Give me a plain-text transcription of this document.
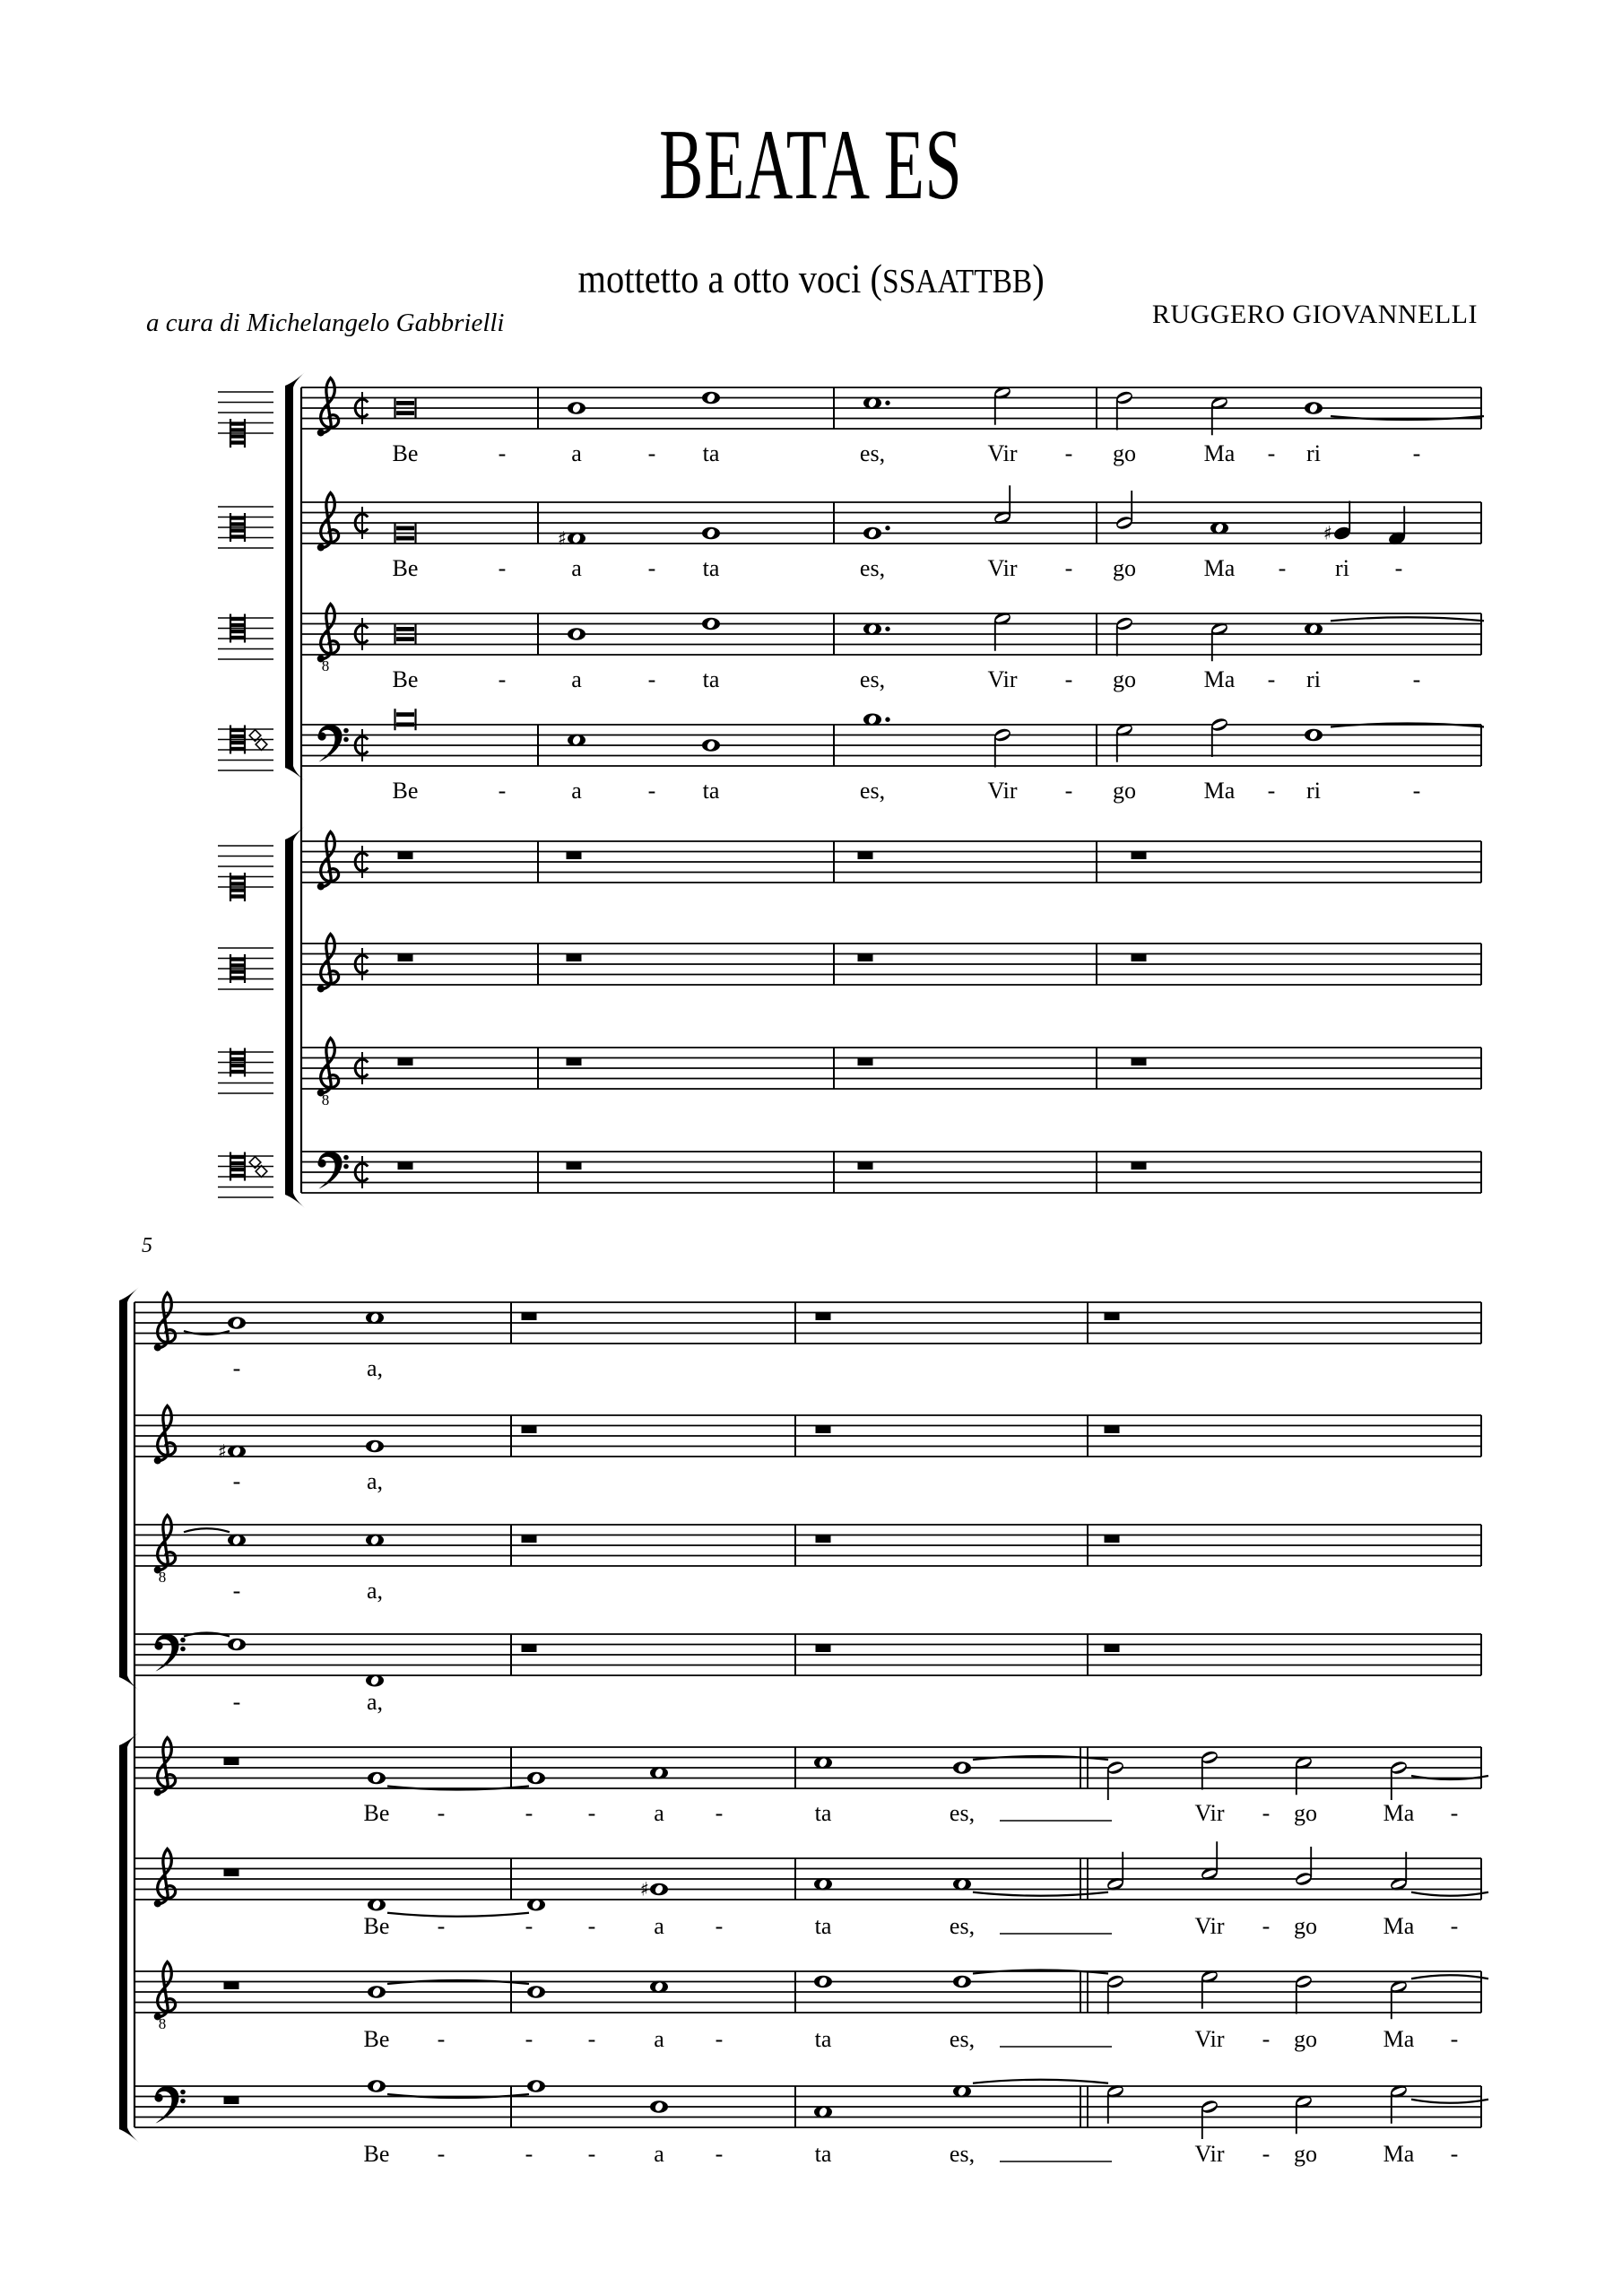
BEATA ES
mottetto a otto voci (SSAATTBB)
a cura di Michelangelo Gabbrielli	RUGGERO GIOVANNELLI
5
Be	-	a	- ta	es,	Vir - go	Ma - ri	-
♯	♯
Be	-	a	- ta	es,	Vir - go	Ma - ri -
8
Be	-	a	- ta	es,	Vir - go	Ma - ri	-
Be	-	a	- ta	es,	Vir - go	Ma - ri	-
8
-	a,
♯
-	a,
8
-	a,
-	a,
Be -	- - a -	ta	es,	Vir - go	Ma -
♯
Be -	- - a -	ta	es,	Vir - go	Ma -
8
Be -	- - a -	ta	es,	Vir - go	Ma -
Be -	- - a -	ta	es,	Vir - go	Ma -
